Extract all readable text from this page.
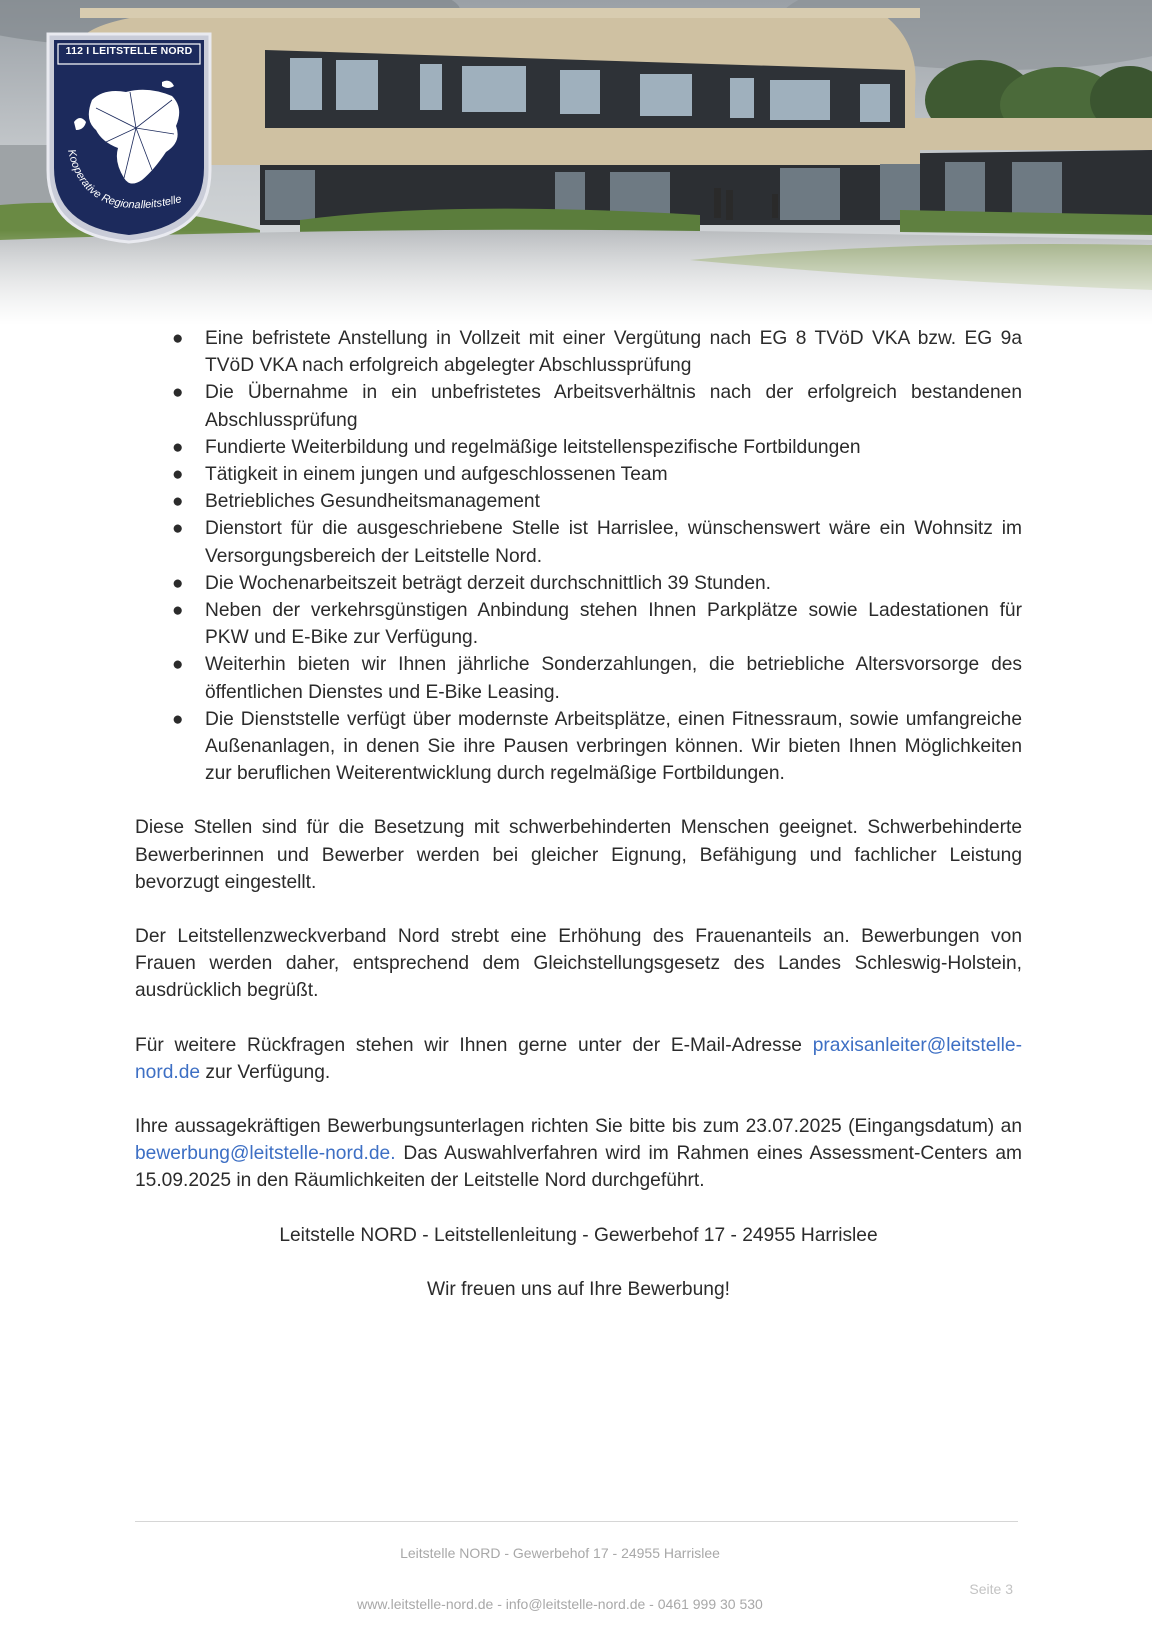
112 I LEITSTELLE NORD
Kooperative Regionalleitstelle
● Eine befristete Anstellung in Vollzeit mit einer Vergütung nach EG 8 TVöD VKA bzw. EG 9a TVöD VKA nach erfolgreich abgelegter Abschlussprüfung
● Die Übernahme in ein unbefristetes Arbeitsverhältnis nach der erfolgreich bestandenen Abschlussprüfung
● Fundierte Weiterbildung und regelmäßige leitstellenspezifische Fortbildungen
● Tätigkeit in einem jungen und aufgeschlossenen Team
● Betriebliches Gesundheitsmanagement
● Dienstort für die ausgeschriebene Stelle ist Harrislee, wünschenswert wäre ein Wohnsitz im Versorgungsbereich der Leitstelle Nord.
● Die Wochenarbeitszeit beträgt derzeit durchschnittlich 39 Stunden.
● Neben der verkehrsgünstigen Anbindung stehen Ihnen Parkplätze sowie Ladestationen für PKW und E-Bike zur Verfügung.
● Weiterhin bieten wir Ihnen jährliche Sonderzahlungen, die betriebliche Altersvorsorge des öffentlichen Dienstes und E-Bike Leasing.
● Die Dienststelle verfügt über modernste Arbeitsplätze, einen Fitnessraum, sowie umfangreiche Außenanlagen, in denen Sie ihre Pausen verbringen können. Wir bieten Ihnen Möglichkeiten zur beruflichen Weiterentwicklung durch regelmäßige Fortbildungen.

Diese Stellen sind für die Besetzung mit schwerbehinderten Menschen geeignet. Schwerbehinderte Bewerberinnen und Bewerber werden bei gleicher Eignung, Befähigung und fachlicher Leistung bevorzugt eingestellt.

Der Leitstellenzweckverband Nord strebt eine Erhöhung des Frauenanteils an. Bewerbungen von Frauen werden daher, entsprechend dem Gleichstellungsgesetz des Landes Schleswig-Holstein, ausdrücklich begrüßt.

Für weitere Rückfragen stehen wir Ihnen gerne unter der E-Mail-Adresse praxisanleiter@leitstelle-nord.de zur Verfügung.

Ihre aussagekräftigen Bewerbungsunterlagen richten Sie bitte bis zum 23.07.2025 (Eingangsdatum) an bewerbung@leitstelle-nord.de. Das Auswahlverfahren wird im Rahmen eines Assessment-Centers am 15.09.2025 in den Räumlichkeiten der Leitstelle Nord durchgeführt.

Leitstelle NORD - Leitstellenleitung - Gewerbehof 17 - 24955 Harrislee

Wir freuen uns auf Ihre Bewerbung!

Leitstelle NORD - Gewerbehof 17 - 24955 Harrislee
Seite 3
www.leitstelle-nord.de - info@leitstelle-nord.de - 0461 999 30 530
